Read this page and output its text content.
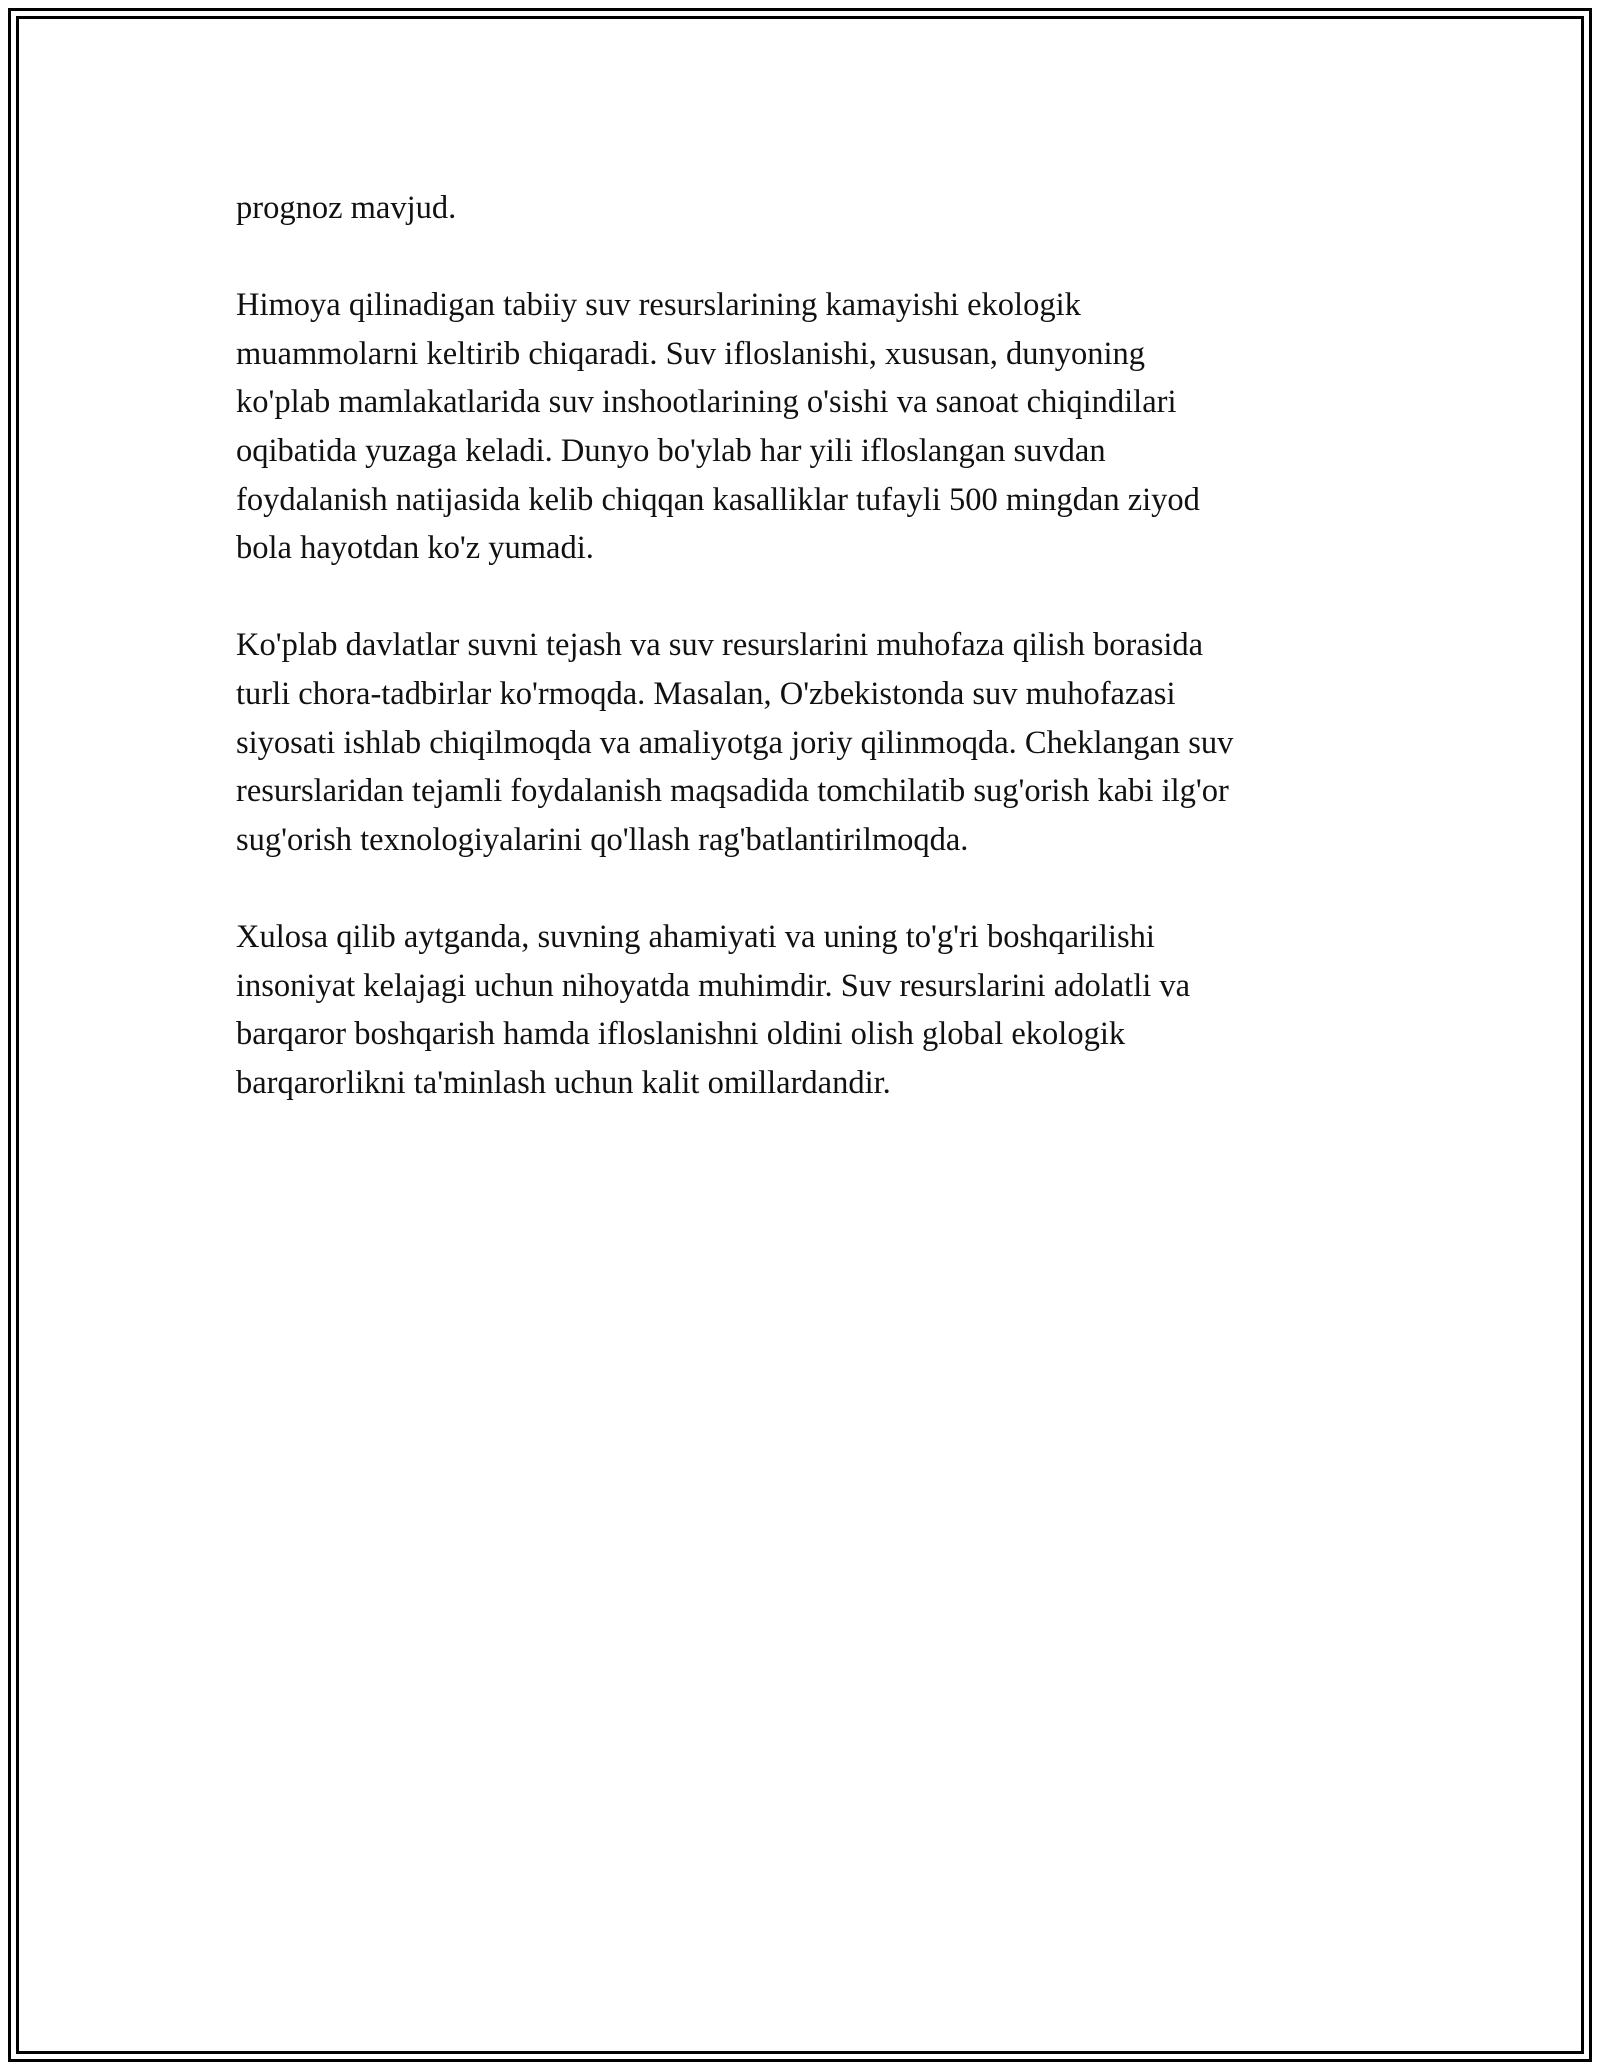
prognoz mavjud.

Himoya qilinadigan tabiiy suv resurslarining kamayishi ekologik
muammolarni keltirib chiqaradi. Suv ifloslanishi, xususan, dunyoning
ko'plab mamlakatlarida suv inshootlarining o'sishi va sanoat chiqindilari
oqibatida yuzaga keladi. Dunyo bo'ylab har yili ifloslangan suvdan
foydalanish natijasida kelib chiqqan kasalliklar tufayli 500 mingdan ziyod
bola hayotdan ko'z yumadi.

Ko'plab davlatlar suvni tejash va suv resurslarini muhofaza qilish borasida
turli chora-tadbirlar ko'rmoqda. Masalan, O'zbekistonda suv muhofazasi
siyosati ishlab chiqilmoqda va amaliyotga joriy qilinmoqda. Cheklangan suv
resurslaridan tejamli foydalanish maqsadida tomchilatib sug'orish kabi ilg'or
sug'orish texnologiyalarini qo'llash rag'batlantirilmoqda.

Xulosa qilib aytganda, suvning ahamiyati va uning to'g'ri boshqarilishi
insoniyat kelajagi uchun nihoyatda muhimdir. Suv resurslarini adolatli va
barqaror boshqarish hamda ifloslanishni oldini olish global ekologik
barqarorlikni ta'minlash uchun kalit omillardandir.
